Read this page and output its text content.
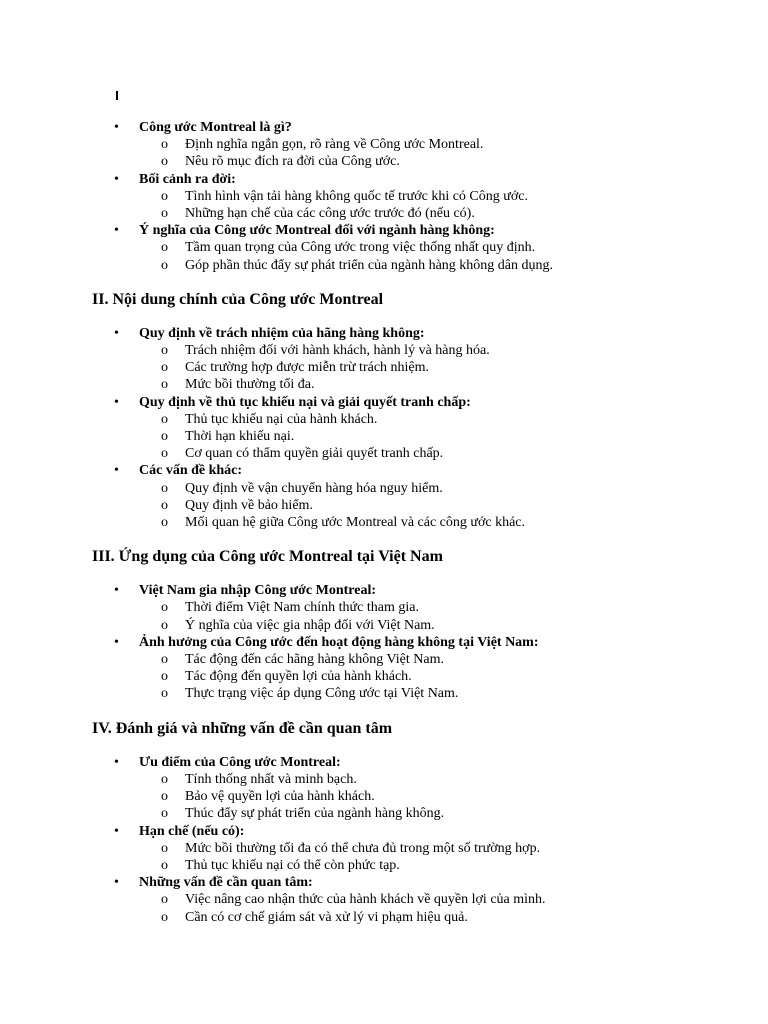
• Công ước Montreal là gì?
o Định nghĩa ngắn gọn, rõ ràng về Công ước Montreal.
o Nêu rõ mục đích ra đời của Công ước.
• Bối cảnh ra đời:
o Tình hình vận tải hàng không quốc tế trước khi có Công ước.
o Những hạn chế của các công ước trước đó (nếu có).
• Ý nghĩa của Công ước Montreal đối với ngành hàng không:
o Tầm quan trọng của Công ước trong việc thống nhất quy định.
o Góp phần thúc đẩy sự phát triển của ngành hàng không dân dụng.
II. Nội dung chính của Công ước Montreal
• Quy định về trách nhiệm của hãng hàng không:
o Trách nhiệm đối với hành khách, hành lý và hàng hóa.
o Các trường hợp được miễn trừ trách nhiệm.
o Mức bồi thường tối đa.
• Quy định về thủ tục khiếu nại và giải quyết tranh chấp:
o Thủ tục khiếu nại của hành khách.
o Thời hạn khiếu nại.
o Cơ quan có thẩm quyền giải quyết tranh chấp.
• Các vấn đề khác:
o Quy định về vận chuyển hàng hóa nguy hiểm.
o Quy định về bảo hiểm.
o Mối quan hệ giữa Công ước Montreal và các công ước khác.
III. Ứng dụng của Công ước Montreal tại Việt Nam
• Việt Nam gia nhập Công ước Montreal:
o Thời điểm Việt Nam chính thức tham gia.
o Ý nghĩa của việc gia nhập đối với Việt Nam.
• Ảnh hưởng của Công ước đến hoạt động hàng không tại Việt Nam:
o Tác động đến các hãng hàng không Việt Nam.
o Tác động đến quyền lợi của hành khách.
o Thực trạng việc áp dụng Công ước tại Việt Nam.
IV. Đánh giá và những vấn đề cần quan tâm
• Ưu điểm của Công ước Montreal:
o Tính thống nhất và minh bạch.
o Bảo vệ quyền lợi của hành khách.
o Thúc đẩy sự phát triển của ngành hàng không.
• Hạn chế (nếu có):
o Mức bồi thường tối đa có thể chưa đủ trong một số trường hợp.
o Thủ tục khiếu nại có thể còn phức tạp.
• Những vấn đề cần quan tâm:
o Việc nâng cao nhận thức của hành khách về quyền lợi của mình.
o Cần có cơ chế giám sát và xử lý vi phạm hiệu quả.
